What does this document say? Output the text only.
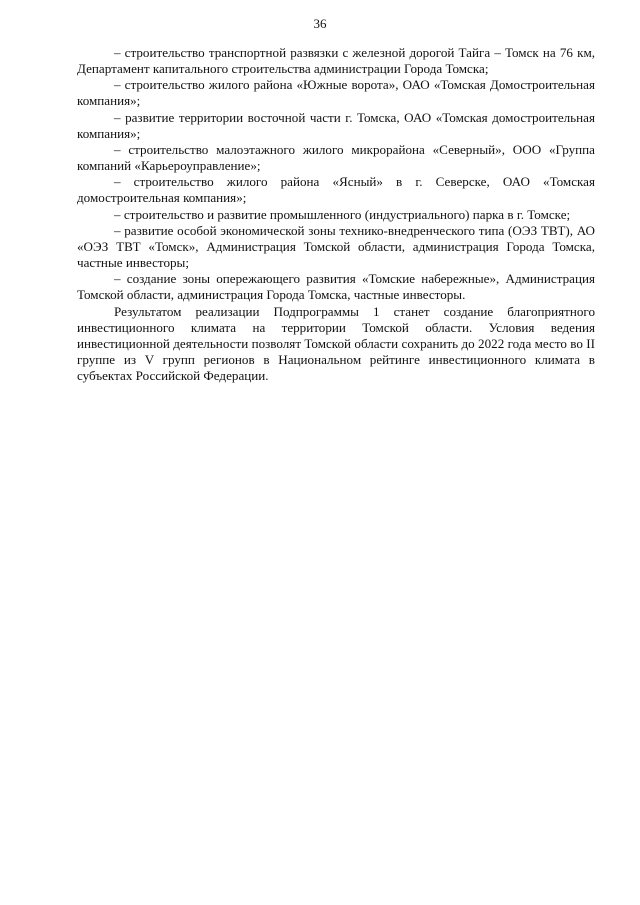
36

– строительство транспортной развязки с железной дорогой Тайга – Томск на 76 км, Департамент капитального строительства администрации Города Томска;

– строительство жилого района «Южные ворота», ОАО «Томская Домостроительная компания»;

– развитие территории восточной части г. Томска, ОАО «Томская домостроительная компания»;

– строительство малоэтажного жилого микрорайона «Северный», ООО «Группа компаний «Карьероуправление»;

– строительство жилого района «Ясный» в г. Северске, ОАО «Томская домостроительная компания»;

– строительство и развитие промышленного (индустриального) парка в г. Томске;

– развитие особой экономической зоны технико-внедренческого типа (ОЭЗ ТВТ), АО «ОЭЗ ТВТ «Томск», Администрация Томской области, администрация Города Томска, частные инвесторы;

– создание зоны опережающего развития «Томские набережные», Администрация Томской области, администрация Города Томска, частные инвесторы.

Результатом реализации Подпрограммы 1 станет создание благоприятного инвестиционного климата на территории Томской области. Условия ведения инвестиционной деятельности позволят Томской области сохранить до 2022 года место во II группе из V групп регионов в Национальном рейтинге инвестиционного климата в субъектах Российской Федерации.
